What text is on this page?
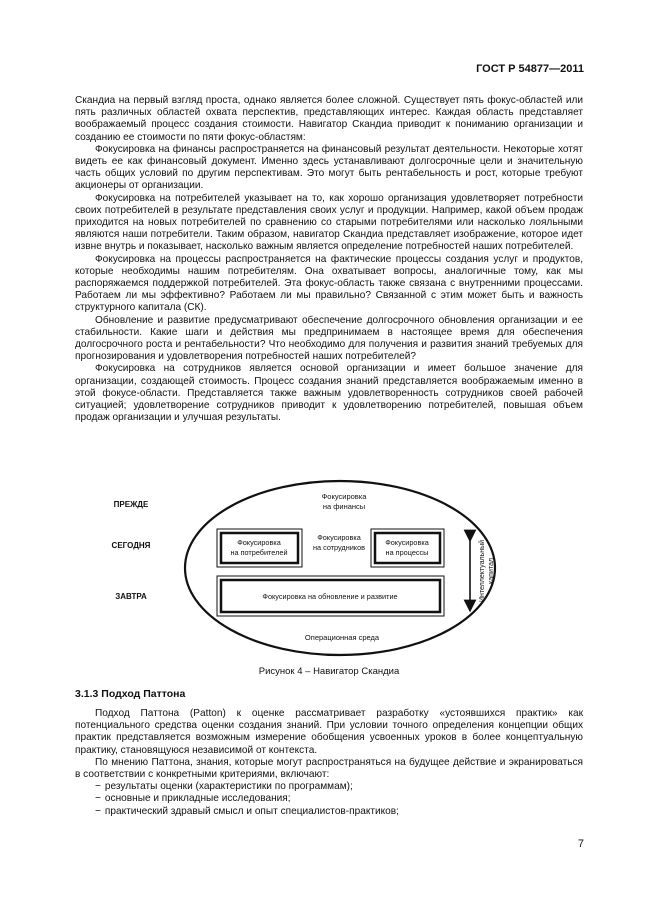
ГОСТ Р 54877—2011

Скандиа на первый взгляд проста, однако является более сложной. Существует пять фокус-областей или пять различных областей охвата перспектив, представляющих интерес. Каждая область представляет воображаемый процесс создания стоимости. Навигатор Скандиа приводит к пониманию организации и созданию ее стоимости по пяти фокус-областям:

Фокусировка на финансы распространяется на финансовый результат деятельности. Некоторые хотят видеть ее как финансовый документ. Именно здесь устанавливают долгосрочные цели и значительную часть общих условий по другим перспективам. Это могут быть рентабельность и рост, которые требуют акционеры от организации.

Фокусировка на потребителей указывает на то, как хорошо организация удовлетворяет потребности своих потребителей в результате представления своих услуг и продукции. Например, какой объем продаж приходится на новых потребителей по сравнению со старыми потребителями или насколько лояльными являются наши потребители. Таким образом, навигатор Скандиа представляет изображение, которое идет извне внутрь и показывает, насколько важным является определение потребностей наших потребителей.

Фокусировка на процессы распространяется на фактические процессы создания услуг и продуктов, которые необходимы нашим потребителям. Она охватывает вопросы, аналогичные тому, как мы распоряжаемся поддержкой потребителей. Эта фокус-область также связана с внутренними процессами. Работаем ли мы эффективно? Работаем ли мы правильно? Связанной с этим может быть и важность структурного капитала (СК).

Обновление и развитие предусматривают обеспечение долгосрочного обновления организации и ее стабильности. Какие шаги и действия мы предпринимаем в настоящее время для обеспечения долгосрочного роста и рентабельности? Что необходимо для получения и развития знаний требуемых для прогнозирования и удовлетворения потребностей наших потребителей?

Фокусировка на сотрудников является основой организации и имеет большое значение для организации, создающей стоимость. Процесс создания знаний представляется воображаемым именно в этой фокусе-области. Представляется также важным удовлетворенность сотрудников своей рабочей ситуацией; удовлетворение сотрудников приводит к удовлетворению потребителей, повышая объем продаж организации и улучшая результаты.

ПРЕЖДЕ
СЕГОДНЯ
ЗАВТРА
Фокусировка
на финансы
Фокусировка
на потребителей
Фокусировка
на сотрудников
Фокусировка
на процессы
Фокусировка на обновление и развитие
Операционная среда
Интеллектуальный капитал
Рисунок 4 – Навигатор Скандиа
3.1.3 Подход Паттона

Подход Паттона (Patton) к оценке рассматривает разработку «устоявшихся практик» как потенциального средства оценки создания знаний. При условии точного определения концепции общих практик представляется возможным измерение обобщения усвоенных уроков в более концептуальную практику, становящуюся независимой от контекста.

По мнению Паттона, знания, которые могут распространяться на будущее действие и экранироваться в соответствии с конкретными критериями, включают:

− результаты оценки (характеристики по программам);
− основные и прикладные исследования;
− практический здравый смысл и опыт специалистов-практиков;
7
